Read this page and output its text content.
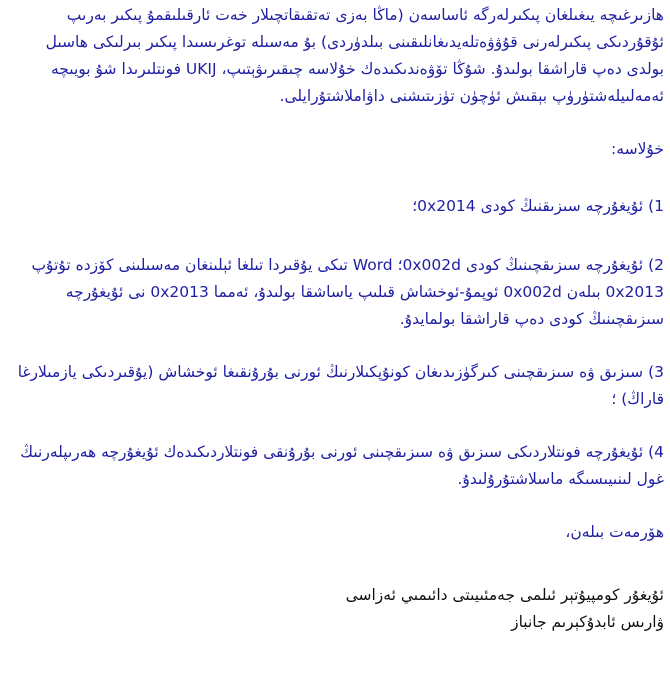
هازىرغىچە يىغىلغان پىكىرلەرگە ئاساسەن (ماڭا بەزى تەتقىقاتچىلار خەت ئارقىلىقمۇ پىكىر بەرىپ ئۇقۇردىكى پىكىرلەرنى قۇۋۋەتلەيدىغانلىقىنى بىلدۈردى) بۇ مەسىلە توغرىسىدا پىكىر بىرلىكى ھاسىل بولدى دەپ قاراشقا بولىدۇ. شۇڭا تۆۋەندىكىدەك خۇلاسە چىقىرىۋېتىپ، UKIJ فونتلىرىدا شۇ بويىچە ئەمەلىيلەشتۈرۈپ بېقىش ئۈچۈن تۈزىتىشنى داۋاملاشتۇرايلى.

خۇلاسە:

1) ئۇيغۇرچە سىزىقنىڭ كودى 0x2014؛

2) ئۇيغۇرچە سىزىقچىنىڭ كودى 0x002d؛ Word تىكى يۇقىردا تىلغا ئېلىنغان مەسىلىنى كۆزدە تۇتۇپ 0x2013 بىلەن 0x002d ئوپمۇ-ئوخشاش قىلىپ ياساشقا بولىدۇ، ئەمما 0x2013 نى ئۇيغۇرچە سىزىقچىنىڭ كودى دەپ قاراشقا بولمايدۇ.

3) سىزىق ۋە سىزىقچىنى كىرگۈزىدىغان كونۇپكىلارنىڭ ئورنى بۇرۇنقىغا ئوخشاش (يۇقىردىكى يازمىلارغا قاراڭ) ؛

4) ئۇيغۇرچە فونتلاردىكى سىزىق ۋە سىزىقچىنى ئورنى بۇرۇنقى فونتلاردىكىدەك ئۇيغۇرچە ھەرىپلەرنىڭ غول لىنىيىسىگە ماسلاشتۇرۇلىدۇ.

ھۆرمەت بىلەن،

ئۇيغۇر كومپيۇتېر ئىلمى جەمئىيىتى دائىمىي ئەزاسى

ۋارىس ئابدۇكېرىم جانباز
